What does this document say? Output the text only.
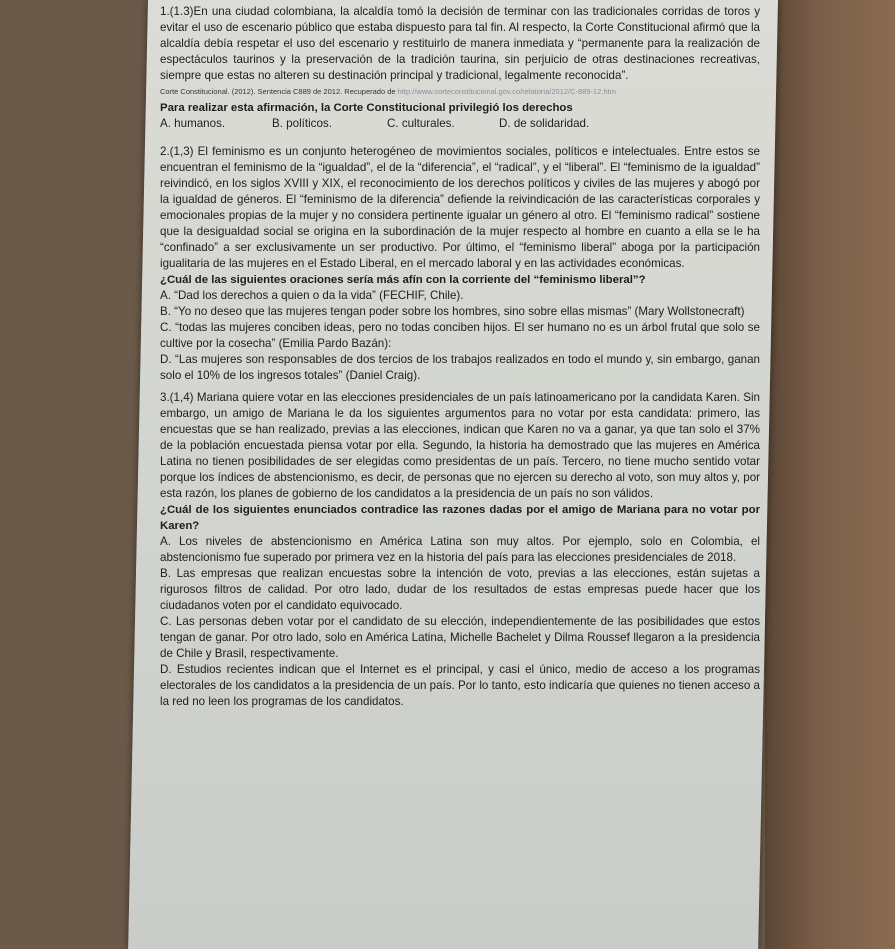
1.(1.3)En una ciudad colombiana, la alcaldía tomó la decisión de terminar con las tradicionales corridas de toros y evitar el uso de escenario público que estaba dispuesto para tal fin. Al respecto, la Corte Constitucional afirmó que la alcaldía debía respetar el uso del escenario y restituirlo de manera inmediata y “permanente para la realización de espectáculos taurinos y la preservación de la tradición taurina, sin perjuicio de otras destinaciones recreativas, siempre que estas no alteren su destinación principal y tradicional, legalmente reconocida”.

Corte Constitucional. (2012). Sentencia C889 de 2012. Recuperado de http://www.corteconstitucional.gov.co/relatoria/2012/C-889-12.htm

Para realizar esta afirmación, la Corte Constitucional privilegió los derechos

A. humanos.	B. políticos.	C. culturales.	D. de solidaridad.

2.(1,3) El feminismo es un conjunto heterogéneo de movimientos sociales, políticos e intelectuales. Entre estos se encuentran el feminismo de la “igualdad”, el de la “diferencia”, el “radical”, y el “liberal”. El “feminismo de la igualdad” reivindicó, en los siglos XVIII y XIX, el reconocimiento de los derechos políticos y civiles de las mujeres y abogó por la igualdad de géneros. El “feminismo de la diferencia” defiende la reivindicación de las características corporales y emocionales propias de la mujer y no considera pertinente igualar un género al otro. El “feminismo radical” sostiene que la desigualdad social se origina en la subordinación de la mujer respecto al hombre en cuanto a ella se le ha “confinado” a ser exclusivamente un ser productivo. Por último, el “feminismo liberal” aboga por la participación igualitaria de las mujeres en el Estado Liberal, en el mercado laboral y en las actividades económicas.

¿Cuál de las siguientes oraciones sería más afín con la corriente del “feminismo liberal”?

A. “Dad los derechos a quien o da la vida” (FECHIF, Chile).

B. “Yo no deseo que las mujeres tengan poder sobre los hombres, sino sobre ellas mismas” (Mary Wollstonecraft)

C. “todas las mujeres conciben ideas, pero no todas conciben hijos. El ser humano no es un árbol frutal que solo se cultive por la cosecha” (Emilia Pardo Bazán):

D. “Las mujeres son responsables de dos tercios de los trabajos realizados en todo el mundo y, sin embargo, ganan solo el 10% de los ingresos totales” (Daniel Craig).

3.(1,4) Mariana quiere votar en las elecciones presidenciales de un país latinoamericano por la candidata Karen. Sin embargo, un amigo de Mariana le da los siguientes argumentos para no votar por esta candidata: primero, las encuestas que se han realizado, previas a las elecciones, indican que Karen no va a ganar, ya que tan solo el 37% de la población encuestada piensa votar por ella. Segundo, la historia ha demostrado que las mujeres en América Latina no tienen posibilidades de ser elegidas como presidentas de un país. Tercero, no tiene mucho sentido votar porque los índices de abstencionismo, es decir, de personas que no ejercen su derecho al voto, son muy altos y, por esta razón, los planes de gobierno de los candidatos a la presidencia de un país no son válidos.

¿Cuál de los siguientes enunciados contradice las razones dadas por el amigo de Mariana para no votar por Karen?

A. Los niveles de abstencionismo en América Latina son muy altos. Por ejemplo, solo en Colombia, el abstencionismo fue superado por primera vez en la historia del país para las elecciones presidenciales de 2018.

B. Las empresas que realizan encuestas sobre la intención de voto, previas a las elecciones, están sujetas a rigurosos filtros de calidad. Por otro lado, dudar de los resultados de estas empresas puede hacer que los ciudadanos voten por el candidato equivocado.

C. Las personas deben votar por el candidato de su elección, independientemente de las posibilidades que estos tengan de ganar. Por otro lado, solo en América Latina, Michelle Bachelet y Dilma Roussef llegaron a la presidencia de Chile y Brasil, respectivamente.

D. Estudios recientes indican que el Internet es el principal, y casi el único, medio de acceso a los programas electorales de los candidatos a la presidencia de un país. Por lo tanto, esto indicaría que quienes no tienen acceso a la red no leen los programas de los candidatos.
